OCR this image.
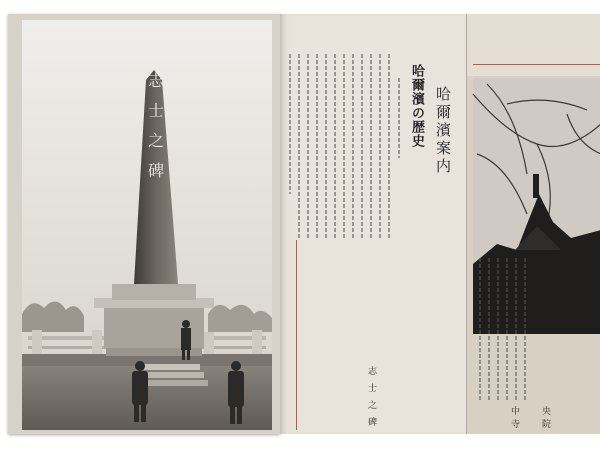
志士之碑	哈爾濱案内
哈爾濱の歴史
志士之碑	中央寺院
